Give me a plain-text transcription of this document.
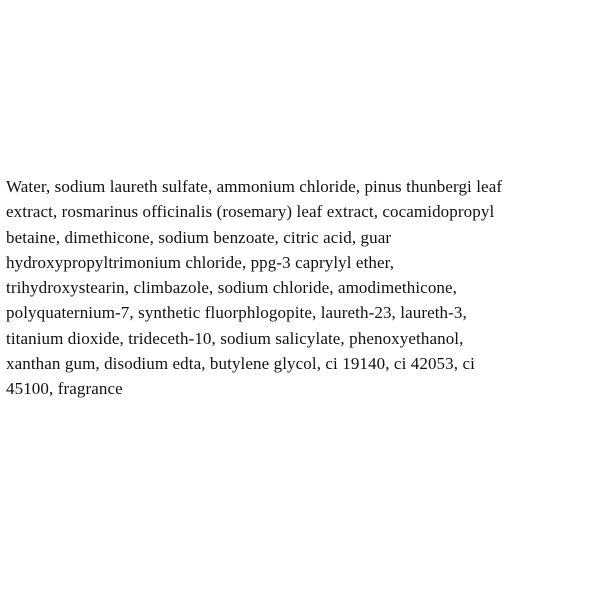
Water, sodium laureth sulfate, ammonium chloride, pinus thunbergi leaf
extract, rosmarinus officinalis (rosemary) leaf extract, cocamidopropyl
betaine, dimethicone, sodium benzoate, citric acid, guar
hydroxypropyltrimonium chloride, ppg-3 caprylyl ether,
trihydroxystearin, climbazole, sodium chloride, amodimethicone,
polyquaternium-7, synthetic fluorphlogopite, laureth-23, laureth-3,
titanium dioxide, trideceth-10, sodium salicylate, phenoxyethanol,
xanthan gum, disodium edta, butylene glycol, ci 19140, ci 42053, ci
45100, fragrance
